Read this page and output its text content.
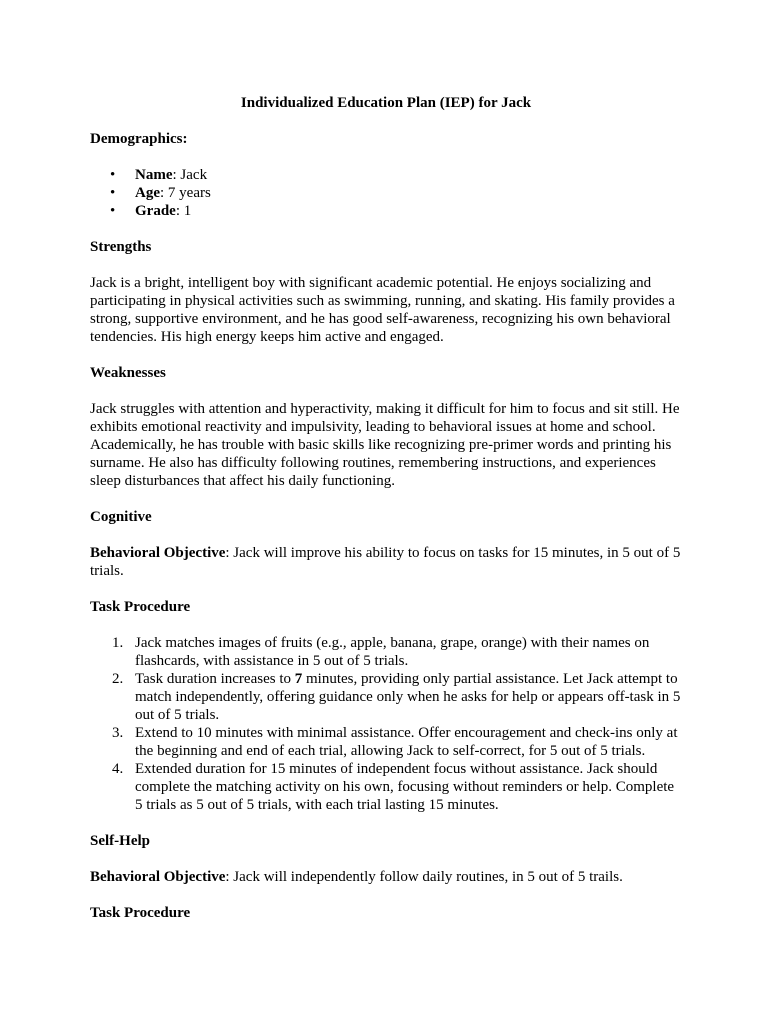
Individualized Education Plan (IEP) for Jack

Demographics:

• Name: Jack
• Age: 7 years
• Grade: 1

Strengths

Jack is a bright, intelligent boy with significant academic potential. He enjoys socializing and participating in physical activities such as swimming, running, and skating. His family provides a strong, supportive environment, and he has good self-awareness, recognizing his own behavioral tendencies. His high energy keeps him active and engaged.

Weaknesses

Jack struggles with attention and hyperactivity, making it difficult for him to focus and sit still. He exhibits emotional reactivity and impulsivity, leading to behavioral issues at home and school. Academically, he has trouble with basic skills like recognizing pre-primer words and printing his surname. He also has difficulty following routines, remembering instructions, and experiences sleep disturbances that affect his daily functioning.

Cognitive

Behavioral Objective: Jack will improve his ability to focus on tasks for 15 minutes, in 5 out of 5 trials.

Task Procedure

1. Jack matches images of fruits (e.g., apple, banana, grape, orange) with their names on flashcards, with assistance in 5 out of 5 trials.
2. Task duration increases to 7 minutes, providing only partial assistance. Let Jack attempt to match independently, offering guidance only when he asks for help or appears off-task in 5 out of 5 trials.
3. Extend to 10 minutes with minimal assistance. Offer encouragement and check-ins only at the beginning and end of each trial, allowing Jack to self-correct, for 5 out of 5 trials.
4. Extended duration for 15 minutes of independent focus without assistance. Jack should complete the matching activity on his own, focusing without reminders or help. Complete 5 trials as 5 out of 5 trials, with each trial lasting 15 minutes.

Self-Help

Behavioral Objective: Jack will independently follow daily routines, in 5 out of 5 trails.

Task Procedure
